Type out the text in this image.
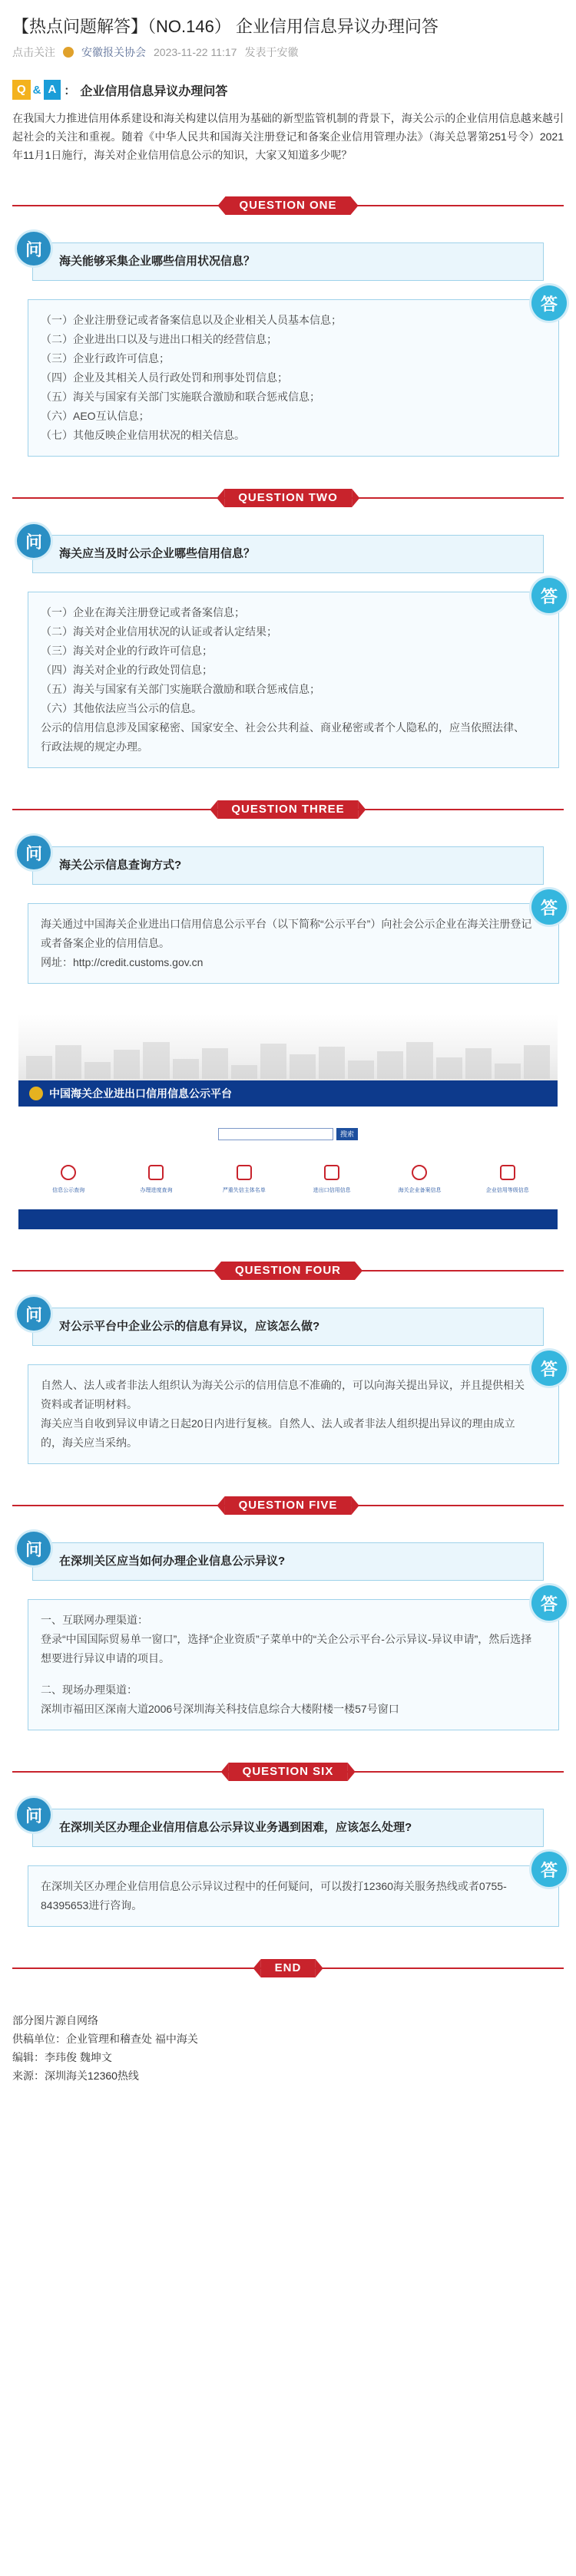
【热点问题解答】（NO.146） 企业信用信息异议办理问答
点击关注 安徽报关协会 2023-11-22 11:17 发表于安徽
Q & A ： 企业信用信息异议办理问答

在我国大力推进信用体系建设和海关构建以信用为基础的新型监管机制的背景下，海关公示的企业信用信息越来越引起社会的关注和重视。随着《中华人民共和国海关注册登记和备案企业信用管理办法》（海关总署第251号令）2021年11月1日施行，海关对企业信用信息公示的知识，大家又知道多少呢？

QUESTION ONE
问
海关能够采集企业哪些信用状况信息？
答

（一）企业注册登记或者备案信息以及企业相关人员基本信息；

（二）企业进出口以及与进出口相关的经营信息；

（三）企业行政许可信息；

（四）企业及其相关人员行政处罚和刑事处罚信息；

（五）海关与国家有关部门实施联合激励和联合惩戒信息；

（六）AEO互认信息；

（七）其他反映企业信用状况的相关信息。

QUESTION TWO
问
海关应当及时公示企业哪些信用信息？
答

（一）企业在海关注册登记或者备案信息；

（二）海关对企业信用状况的认证或者认定结果；

（三）海关对企业的行政许可信息；

（四）海关对企业的行政处罚信息；

（五）海关与国家有关部门实施联合激励和联合惩戒信息；

（六）其他依法应当公示的信息。

公示的信用信息涉及国家秘密、国家安全、社会公共利益、商业秘密或者个人隐私的，应当依照法律、行政法规的规定办理。

QUESTION THREE
问
海关公示信息查询方式?
答

海关通过中国海关企业进出口信用信息公示平台（以下简称“公示平台”）向社会公示企业在海关注册登记或者备案企业的信用信息。

网址：http://credit.customs.gov.cn

中国海关企业进出口信用信息公示平台
搜索
信息公示查询	办理进度查询	严重失信主体名单	进出口信用信息	海关企业备案信息	企业信用等级信息
QUESTION FOUR
问
对公示平台中企业公示的信息有异议，应该怎么做?
答

自然人、法人或者非法人组织认为海关公示的信用信息不准确的，可以向海关提出异议，并且提供相关资料或者证明材料。

海关应当自收到异议申请之日起20日内进行复核。自然人、法人或者非法人组织提出异议的理由成立的，海关应当采纳。

QUESTION FIVE
问
在深圳关区应当如何办理企业信息公示异议?
答

一、互联网办理渠道：

登录“中国国际贸易单一窗口”，选择“企业资质”子菜单中的“关企公示平台-公示异议-异议申请”，然后选择想要进行异议申请的项目。

二、现场办理渠道：

深圳市福田区深南大道2006号深圳海关科技信息综合大楼附楼一楼57号窗口

QUESTION SIX
问
在深圳关区办理企业信用信息公示异议业务遇到困难，应该怎么处理?
答

在深圳关区办理企业信用信息公示异议过程中的任何疑问，可以拨打12360海关服务热线或者0755-84395653进行咨询。

END

部分图片源自网络

供稿单位：企业管理和稽查处 福中海关

编辑：李玮俊 魏坤文

来源：深圳海关12360热线
